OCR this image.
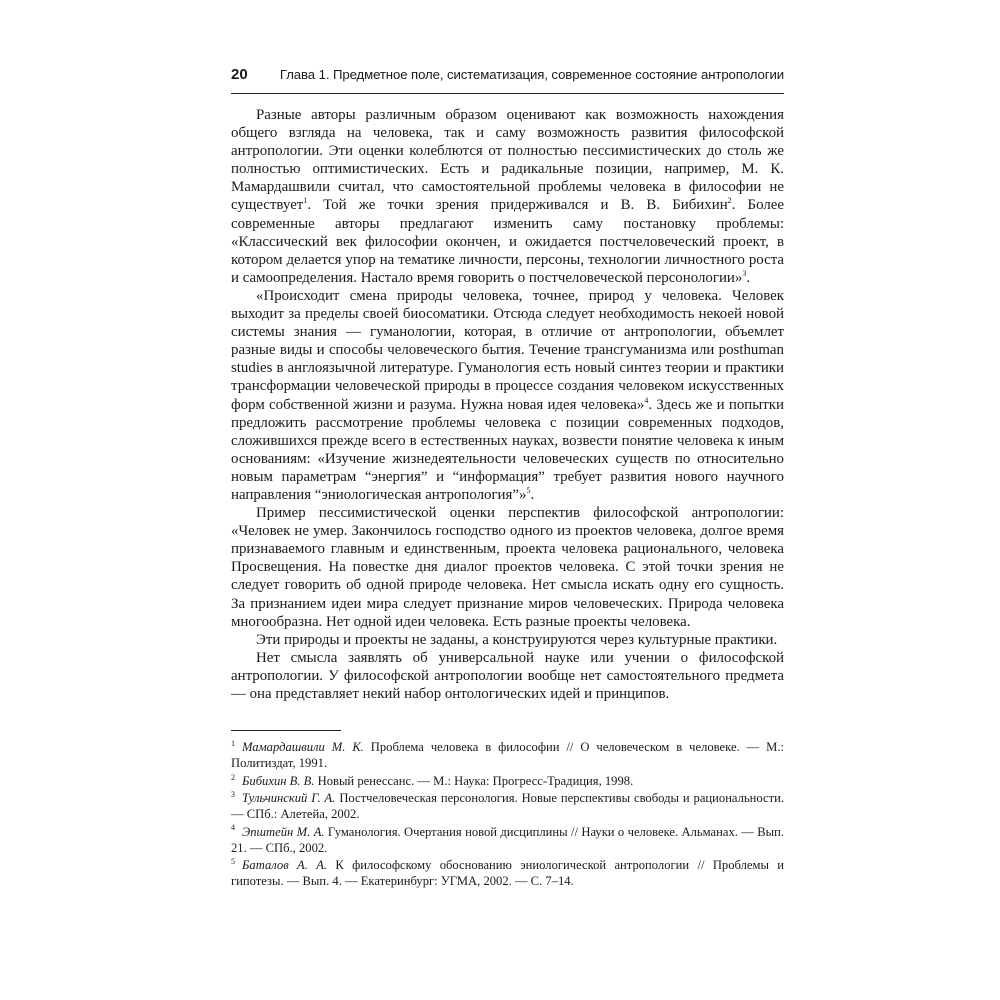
20 Глава 1. Предметное поле, систематизация, современное состояние антропологии

Разные авторы различным образом оценивают как возможность нахождения общего взгляда на человека, так и саму возможность развития философской антропологии. Эти оценки колеблются от полностью пессимистических до столь же полностью оптимистических. Есть и радикальные позиции, например, М. К. Мамардашвили считал, что самостоятельной проблемы человека в философии не существует$^1$. Той же точки зрения придерживался и В. В. Бибихин$^2$. Более современные авторы предлагают изменить саму постановку проблемы: «Классический век философии окончен, и ожидается постчеловеческий проект, в котором делается упор на тематике личности, персоны, технологии личностного роста и самоопределения. Настало время говорить о постчеловеческой персонологии»$^3$.

«Происходит смена природы человека, точнее, природ у человека. Человек выходит за пределы своей биосоматики. Отсюда следует необходимость некоей новой системы знания — гуманологии, которая, в отличие от антропологии, объемлет разные виды и способы человеческого бытия. Течение трансгуманизма или posthuman studies в англоязычной литературе. Гуманология есть новый синтез теории и практики трансформации человеческой природы в процессе создания человеком искусственных форм собственной жизни и разума. Нужна новая идея человека»$^4$. Здесь же и попытки предложить рассмотрение проблемы человека с позиции современных подходов, сложившихся прежде всего в естественных науках, возвести понятие человека к иным основаниям: «Изучение жизнедеятельности человеческих существ по относительно новым параметрам “энергия” и “информация” требует развития нового научного направления “эниологическая антропология”»$^5$.

Пример пессимистической оценки перспектив философской антропологии: «Человек не умер. Закончилось господство одного из проектов человека, долгое время признаваемого главным и единственным, проекта человека рационального, человека Просвещения. На повестке дня диалог проектов человека. С этой точки зрения не следует говорить об одной природе человека. Нет смысла искать одну его сущность. За признанием идеи мира следует признание миров человеческих. Природа человека многообразна. Нет одной идеи человека. Есть разные проекты человека.

Эти природы и проекты не заданы, а конструируются через культурные практики.

Нет смысла заявлять об универсальной науке или учении о философской антропологии. У философской антропологии вообще нет самостоятельного предмета — она представляет некий набор онтологических идей и принципов.

$^1$ Мамардашвили М. К. Проблема человека в философии // О человеческом в человеке. — М.: Политиздат, 1991.

$^2$ Бибихин В. В. Новый ренессанс. — М.: Наука: Прогресс-Традиция, 1998.

$^3$ Тульчинский Г. А. Постчеловеческая персонология. Новые перспективы свободы и рациональности. — СПб.: Алетейа, 2002.

$^4$ Эпштейн М. А. Гуманология. Очертания новой дисциплины // Науки о человеке. Альманах. — Вып. 21. — СПб., 2002.

$^5$ Баталов А. А. К философскому обоснованию эниологической антропологии // Проблемы и гипотезы. — Вып. 4. — Екатеринбург: УГМА, 2002. — С. 7–14.
